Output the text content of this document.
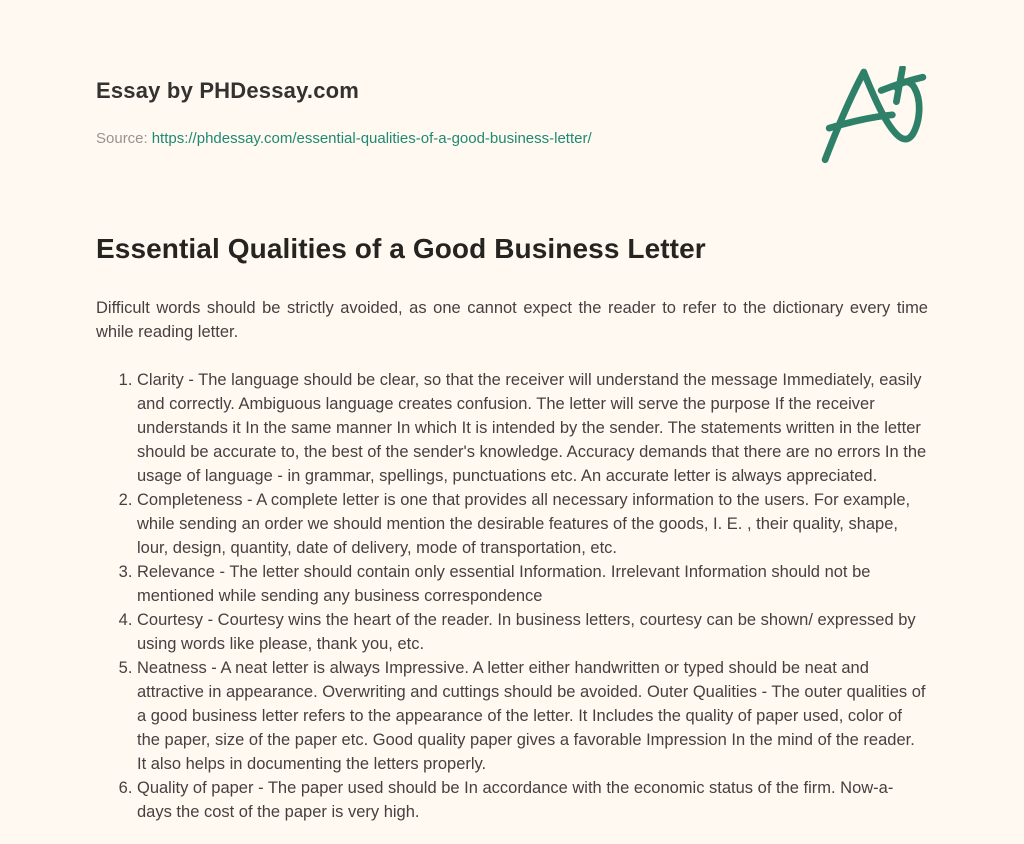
Essay by PHDessay.com
Source: https://phdessay.com/essential-qualities-of-a-good-business-letter/
Essential Qualities of a Good Business Letter

Difficult words should be strictly avoided, as one cannot expect the reader to refer to the dictionary every time while reading letter.

1. Clarity - The language should be clear, so that the receiver will understand the message Immediately, easily and correctly. Ambiguous language creates confusion. The letter will serve the purpose If the receiver understands it In the same manner In which It is intended by the sender. The statements written in the letter should be accurate to, the best of the sender's knowledge. Accuracy demands that there are no errors In the usage of language - in grammar, spellings, punctuations etc. An accurate letter is always appreciated.
2. Completeness - A complete letter is one that provides all necessary information to the users. For example, while sending an order we should mention the desirable features of the goods, I. E. , their quality, shape, lour, design, quantity, date of delivery, mode of transportation, etc.
3. Relevance - The letter should contain only essential Information. Irrelevant Information should not be mentioned while sending any business correspondence
4. Courtesy - Courtesy wins the heart of the reader. In business letters, courtesy can be shown/ expressed by using words like please, thank you, etc.
5. Neatness - A neat letter is always Impressive. A letter either handwritten or typed should be neat and attractive in appearance. Overwriting and cuttings should be avoided. Outer Qualities - The outer qualities of a good business letter refers to the appearance of the letter. It Includes the quality of paper used, color of the paper, size of the paper etc. Good quality paper gives a favorable Impression In the mind of the reader. It also helps in documenting the letters properly.
6. Quality of paper - The paper used should be In accordance with the economic status of the firm. Now-a-days the cost of the paper is very high.
